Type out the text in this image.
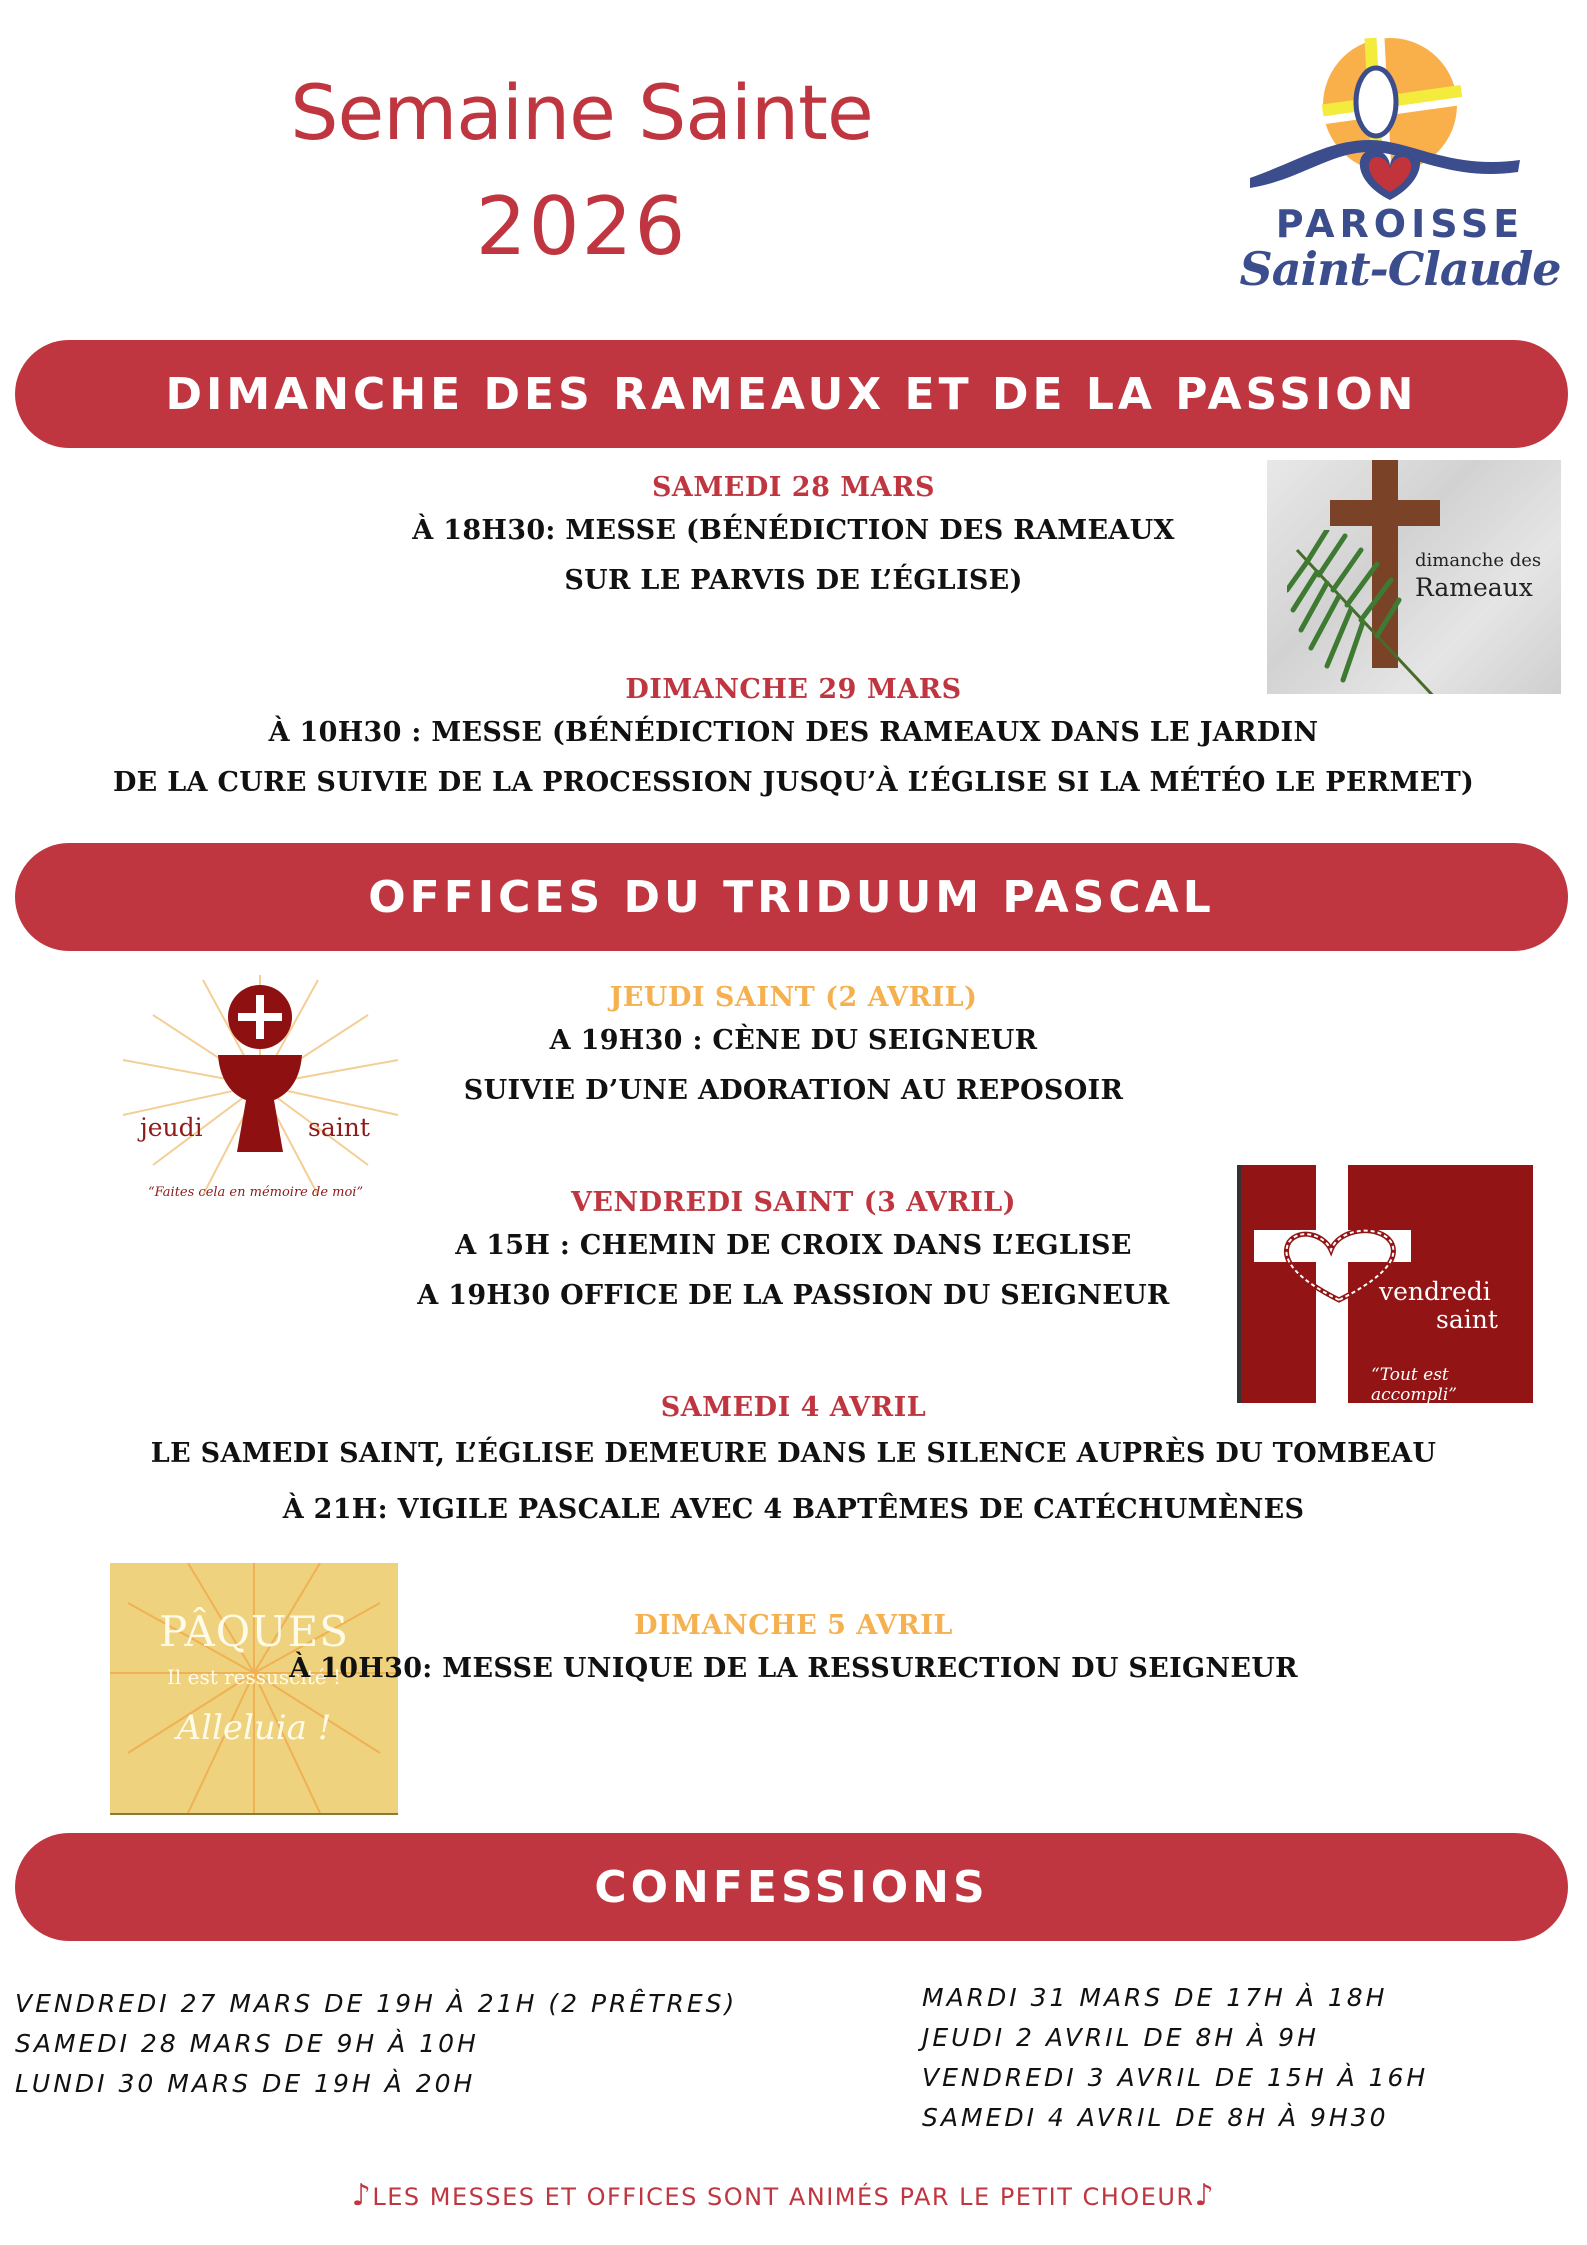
Semaine Sainte
2026	PAROISSE
Saint-Claude
DIMANCHE DES RAMEAUX ET DE LA PASSION
SAMEDI 28 MARS
À 18H30: MESSE (BÉNÉDICTION DES RAMEAUX
SUR LE PARVIS DE L’ÉGLISE)
dimanche des
Rameaux
DIMANCHE 29 MARS
À 10H30 : MESSE (BÉNÉDICTION DES RAMEAUX DANS LE JARDIN
DE LA CURE SUIVIE DE LA PROCESSION JUSQU’À L’ÉGLISE SI LA MÉTÉO LE PERMET)
OFFICES DU TRIDUUM PASCAL
jeudi	saint
“Faites cela en mémoire de moi”
JEUDI SAINT (2 AVRIL)
A 19H30 : CÈNE DU SEIGNEUR
SUIVIE D’UNE ADORATION AU REPOSOIR
VENDREDI SAINT (3 AVRIL)
A 15H : CHEMIN DE CROIX DANS L’EGLISE
A 19H30 OFFICE DE LA PASSION DU SEIGNEUR	vendredi
saint
“Tout est accompli”
SAMEDI 4 AVRIL
LE SAMEDI SAINT, L’ÉGLISE DEMEURE DANS LE SILENCE AUPRÈS DU TOMBEAU
À 21H: VIGILE PASCALE AVEC 4 BAPTÊMES DE CATÉCHUMÈNES
PÂQUES
Il est ressuscité !
Alleluia !
DIMANCHE 5 AVRIL
À 10H30: MESSE UNIQUE DE LA RESSURECTION DU SEIGNEUR
CONFESSIONS
VENDREDI 27 MARS DE 19H À 21H (2 PRÊTRES)
SAMEDI 28 MARS DE 9H À 10H
LUNDI 30 MARS DE 19H À 20H
MARDI 31 MARS DE 17H À 18H
JEUDI 2 AVRIL DE 8H À 9H
VENDREDI 3 AVRIL DE 15H À 16H
SAMEDI 4 AVRIL DE 8H À 9H30
♪LES MESSES ET OFFICES SONT ANIMÉS PAR LE PETIT CHOEUR♪
